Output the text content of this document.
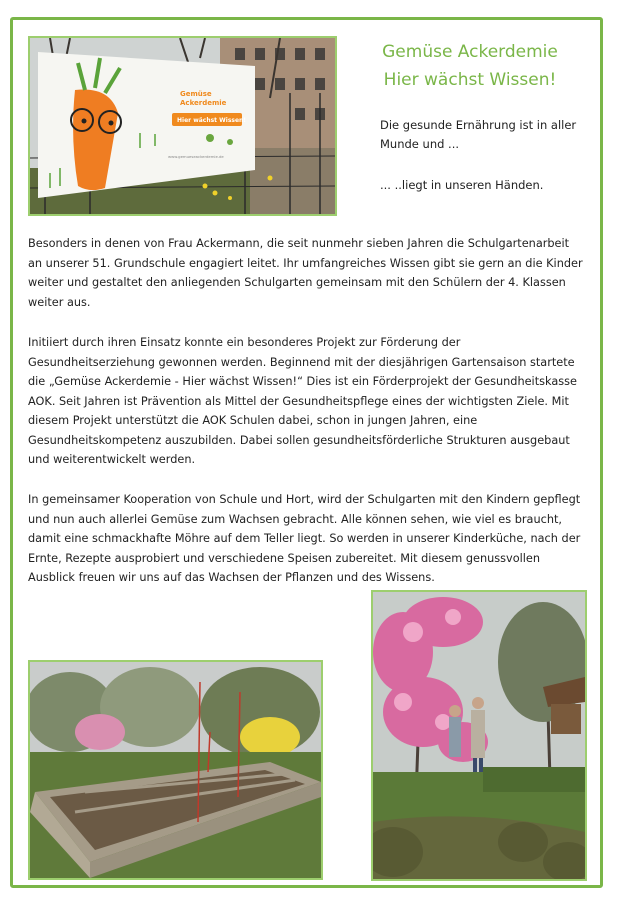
Gemüse
Ackerdemie
Hier wächst Wissen!
www.gemueseackerdemie.de
Gemüse Ackerdemie
Hier wächst Wissen!
Die gesunde Ernährung ist in aller Munde und ...
... ..liegt in unseren Händen.
Besonders in denen von Frau Ackermann, die seit nunmehr sieben Jahren die Schulgartenarbeit an unserer 51. Grundschule engagiert leitet. Ihr umfangreiches Wissen gibt sie gern an die Kinder weiter und gestaltet den anliegenden Schulgarten gemeinsam mit den Schülern der 4. Klassen weiter aus.
Initiiert durch ihren Einsatz konnte ein besonderes Projekt zur Förderung der Gesundheitserziehung gewonnen werden. Beginnend mit der diesjährigen Gartensaison startete die „Gemüse Ackerdemie - Hier wächst Wissen!“ Dies ist ein Förderprojekt der Gesundheitskasse AOK. Seit Jahren ist Prävention als Mittel der Gesundheitspflege eines der wichtigsten Ziele. Mit diesem Projekt unterstützt die AOK Schulen dabei, schon in jungen Jahren, eine Gesundheitskompetenz auszubilden. Dabei sollen gesundheitsförderliche Strukturen ausgebaut und weiterentwickelt werden.
In gemeinsamer Kooperation von Schule und Hort, wird der Schulgarten mit den Kindern gepflegt und nun auch allerlei Gemüse zum Wachsen gebracht. Alle können sehen, wie viel es braucht, damit eine schmackhafte Möhre auf dem Teller liegt. So werden in unserer Kinderküche, nach der Ernte, Rezepte ausprobiert und verschiedene Speisen zubereitet. Mit diesem genussvollen Ausblick freuen wir uns auf das Wachsen der Pflanzen und des Wissens.
